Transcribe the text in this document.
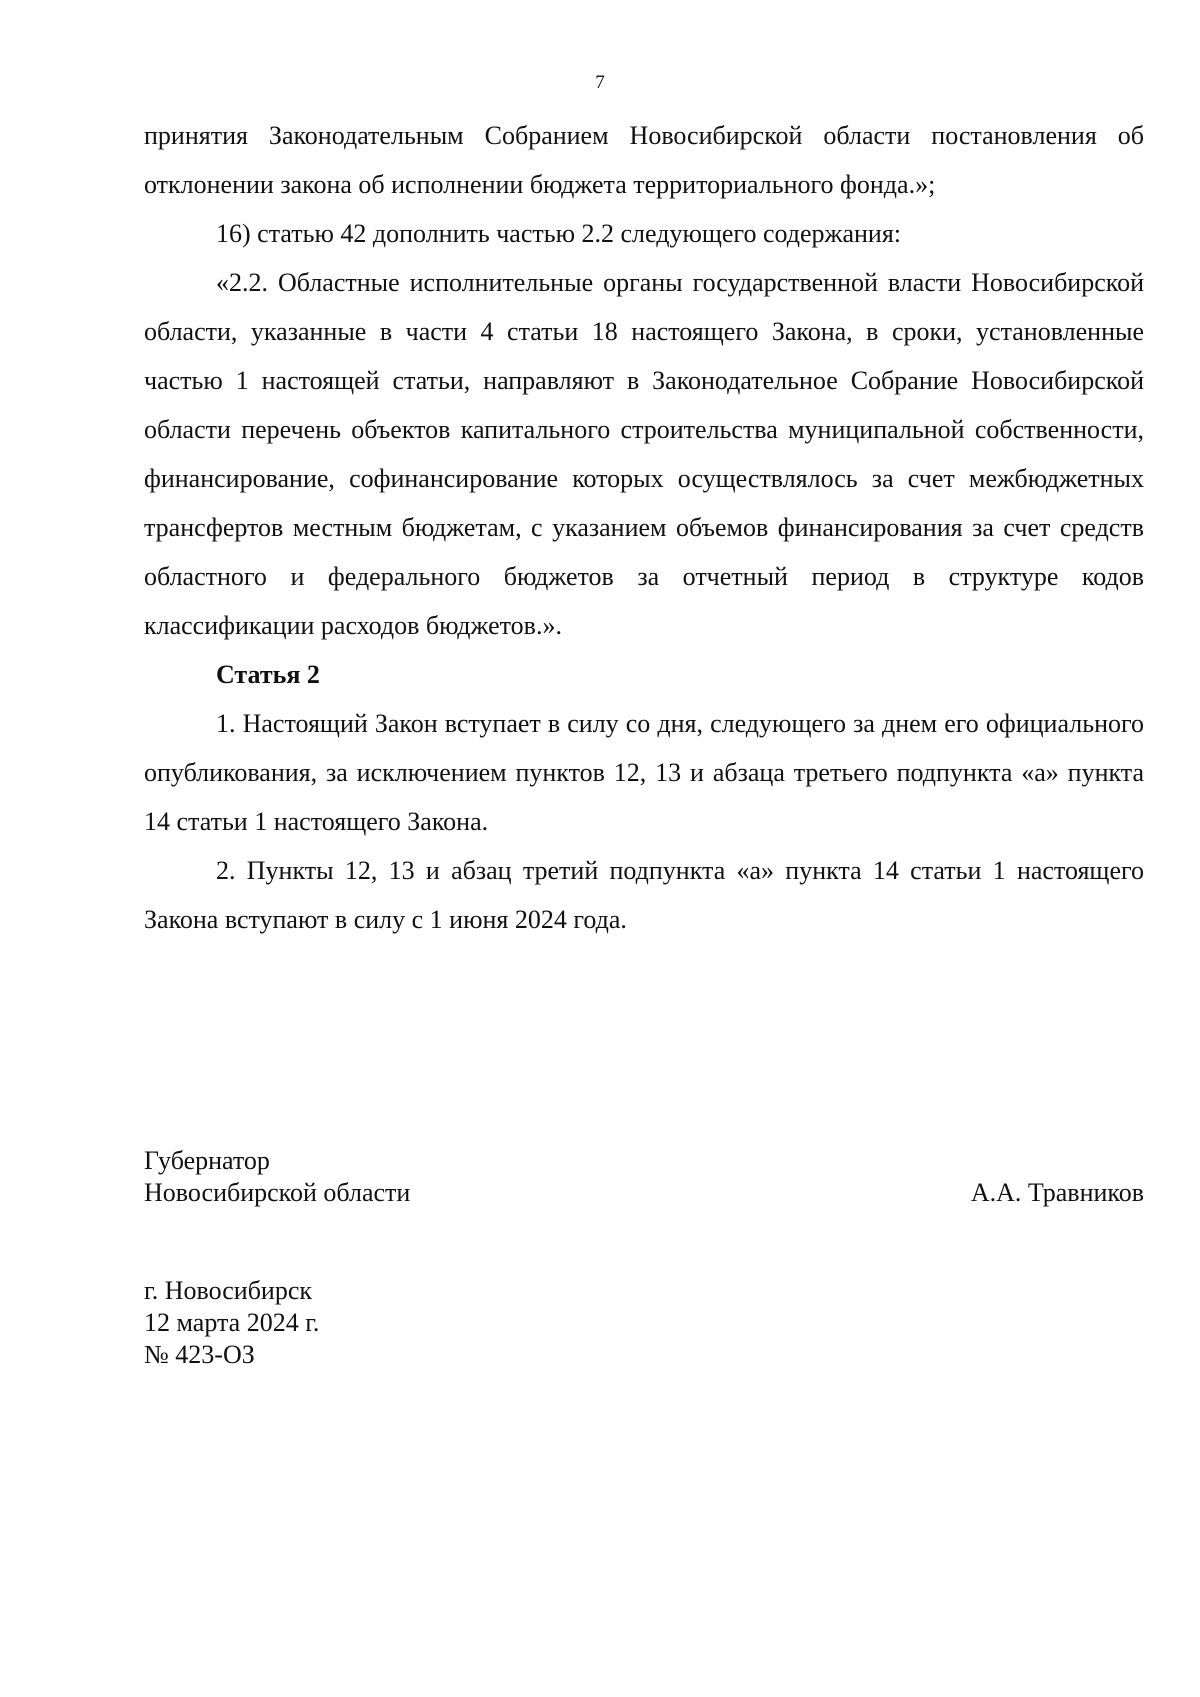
7

принятия Законодательным Собранием Новосибирской области постановления об отклонении закона об исполнении бюджета территориального фонда.»;

16) статью 42 дополнить частью 2.2 следующего содержания:

«2.2. Областные исполнительные органы государственной власти Новосибирской области, указанные в части 4 статьи 18 настоящего Закона, в сроки, установленные частью 1 настоящей статьи, направляют в Законодательное Собрание Новосибирской области перечень объектов капитального строительства муниципальной собственности, финансирование, софинансирование которых осуществлялось за счет межбюджетных трансфертов местным бюджетам, с указанием объемов финансирования за счет средств областного и федерального бюджетов за отчетный период в структуре кодов классификации расходов бюджетов.».

Статья 2

1. Настоящий Закон вступает в силу со дня, следующего за днем его официального опубликования, за исключением пунктов 12, 13 и абзаца третьего подпункта «а» пункта 14 статьи 1 настоящего Закона.

2. Пункты 12, 13 и абзац третий подпункта «а» пункта 14 статьи 1 настоящего Закона вступают в силу с 1 июня 2024 года.

Губернатор
Новосибирской области	А.А. Травников
г. Новосибирск
12 марта 2024 г.
№ 423-ОЗ
